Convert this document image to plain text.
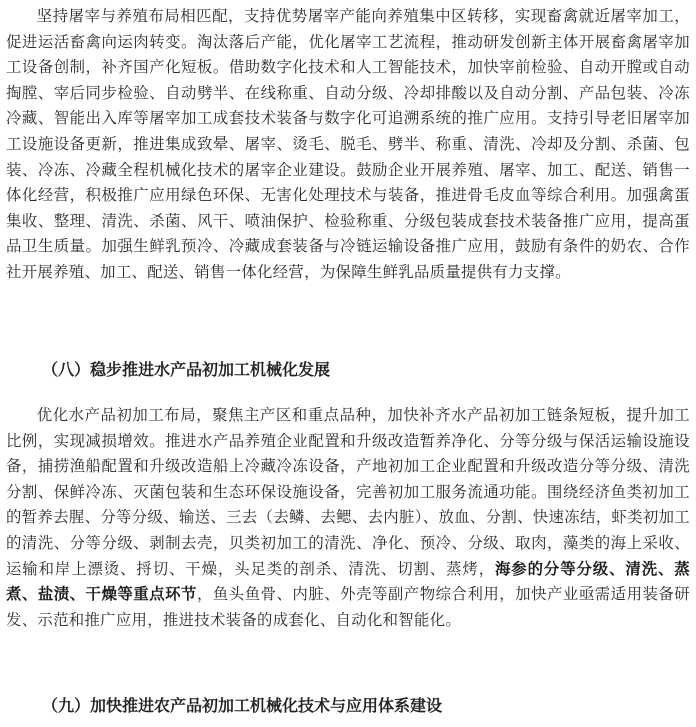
坚持屠宰与养殖布局相匹配，支持优势屠宰产能向养殖集中区转移，实现畜禽就近屠宰加工，促进运活畜禽向运肉转变。淘汰落后产能，优化屠宰工艺流程，推动研发创新主体开展畜禽屠宰加工设备创制，补齐国产化短板。借助数字化技术和人工智能技术，加快宰前检验、自动开膛或自动掏膛、宰后同步检验、自动劈半、在线称重、自动分级、冷却排酸以及自动分割、产品包装、冷冻冷藏、智能出入库等屠宰加工成套技术装备与数字化可追溯系统的推广应用。支持引导老旧屠宰加工设施设备更新，推进集成致晕、屠宰、烫毛、脱毛、劈半、称重、清洗、冷却及分割、杀菌、包装、冷冻、冷藏全程机械化技术的屠宰企业建设。鼓励企业开展养殖、屠宰、加工、配送、销售一体化经营，积极推广应用绿色环保、无害化处理技术与装备，推进骨毛皮血等综合利用。加强禽蛋集收、整理、清洗、杀菌、风干、喷油保护、检验称重、分级包装成套技术装备推广应用，提高蛋品卫生质量。加强生鲜乳预冷、冷藏成套装备与冷链运输设备推广应用，鼓励有条件的奶农、合作社开展养殖、加工、配送、销售一体化经营，为保障生鲜乳品质量提供有力支撑。

（八）稳步推进水产品初加工机械化发展

优化水产品初加工布局，聚焦主产区和重点品种，加快补齐水产品初加工链条短板，提升加工比例，实现减损增效。推进水产品养殖企业配置和升级改造暂养净化、分等分级与保活运输设施设备，捕捞渔船配置和升级改造船上冷藏冷冻设备，产地初加工企业配置和升级改造分等分级、清洗分割、保鲜冷冻、灭菌包装和生态环保设施设备，完善初加工服务流通功能。围绕经济鱼类初加工的暂养去腥、分等分级、输送、三去（去鳞、去鳃、去内脏）、放血、分割、快速冻结，虾类初加工的清洗、分等分级、剥制去壳，贝类初加工的清洗、净化、预冷、分级、取肉，藻类的海上采收、运输和岸上漂烫、捋切、干燥，头足类的剖杀、清洗、切割、蒸烤，海参的分等分级、清洗、蒸煮、盐渍、干燥等重点环节，鱼头鱼骨、内脏、外壳等副产物综合利用，加快产业亟需适用装备研发、示范和推广应用，推进技术装备的成套化、自动化和智能化。

（九）加快推进农产品初加工机械化技术与应用体系建设
